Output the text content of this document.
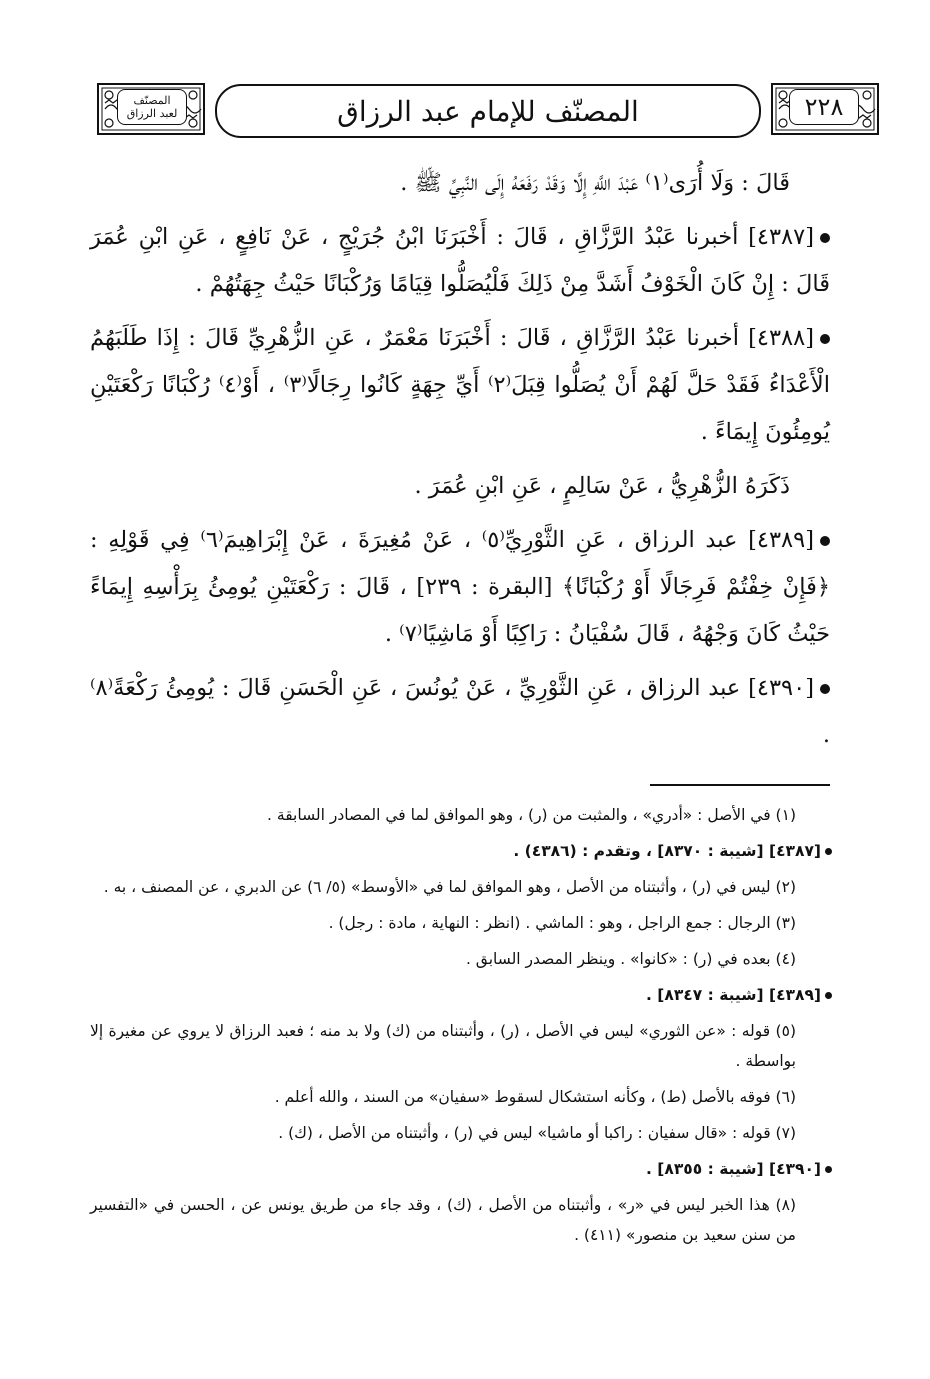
المصنّف
لعبد الرزاق	٢٢٨
المصنّف للإمام عبد الرزاق

قَالَ : وَلَا أُرَى⁽١⁾ عَبْدَ اللَّهِ إِلَّا وَقَدْ رَفَعَهُ إِلَى النَّبِيِّ ﷺ .

[٤٣٨٧] أخبرنا عَبْدُ الرَّزَّاقِ ، قَالَ : أَخْبَرَنَا ابْنُ جُرَيْجٍ ، عَنْ نَافِعٍ ، عَنِ ابْنِ عُمَرَ قَالَ : إِنْ كَانَ الْخَوْفُ أَشَدَّ مِنْ ذَلِكَ فَلْيُصَلُّوا قِيَامًا وَرُكْبَانًا حَيْثُ جِهَتُهُمْ .

[٤٣٨٨] أخبرنا عَبْدُ الرَّزَّاقِ ، قَالَ : أَخْبَرَنَا مَعْمَرٌ ، عَنِ الزُّهْرِيِّ قَالَ : إِذَا طَلَبَهُمُ الْأَعْدَاءُ فَقَدْ حَلَّ لَهُمْ أَنْ يُصَلُّوا قِبَلَ⁽٢⁾ أَيِّ جِهَةٍ كَانُوا رِجَالًا⁽٣⁾ ، أَوْ⁽٤⁾ رُكْبَانًا رَكْعَتَيْنِ يُومِئُونَ إِيمَاءً .

ذَكَرَهُ الزُّهْرِيُّ ، عَنْ سَالِمٍ ، عَنِ ابْنِ عُمَرَ .

[٤٣٨٩] عبد الرزاق ، عَنِ الثَّوْرِيِّ⁽٥⁾ ، عَنْ مُغِيرَةَ ، عَنْ إِبْرَاهِيمَ⁽٦⁾ فِي قَوْلِهِ : ﴿فَإِنْ خِفْتُمْ فَرِجَالًا أَوْ رُكْبَانًا﴾ [البقرة : ٢٣٩] ، قَالَ : رَكْعَتَيْنِ يُومِئُ بِرَأْسِهِ إِيمَاءً حَيْثُ كَانَ وَجْهُهُ ، قَالَ سُفْيَانُ : رَاكِبًا أَوْ مَاشِيًا⁽٧⁾ .

[٤٣٩٠] عبد الرزاق ، عَنِ الثَّوْرِيِّ ، عَنْ يُونُسَ ، عَنِ الْحَسَنِ قَالَ : يُومِئُ رَكْعَةً⁽٨⁾ .

(١) في الأصل : «أدري» ، والمثبت من (ر) ، وهو الموافق لما في المصادر السابقة .

[٤٣٨٧] [شيبة : ٨٣٧٠] ، وتقدم : (٤٣٨٦) .

(٢) ليس في (ر) ، وأثبتناه من الأصل ، وهو الموافق لما في «الأوسط» (٥/ ٦) عن الدبري ، عن المصنف ، به .

(٣) الرجال : جمع الراجل ، وهو : الماشي . (انظر : النهاية ، مادة : رجل) .

(٤) بعده في (ر) : «كانوا» . وينظر المصدر السابق .

[٤٣٨٩] [شيبة : ٨٣٤٧] .

(٥) قوله : «عن الثوري» ليس في الأصل ، (ر) ، وأثبتناه من (ك) ولا بد منه ؛ فعبد الرزاق لا يروي عن مغيرة إلا بواسطة .

(٦) فوقه بالأصل (ط) ، وكأنه استشكال لسقوط «سفيان» من السند ، والله أعلم .

(٧) قوله : «قال سفيان : راكبا أو ماشيا» ليس في (ر) ، وأثبتناه من الأصل ، (ك) .

[٤٣٩٠] [شيبة : ٨٣٥٥] .

(٨) هذا الخبر ليس في «ر» ، وأثبتناه من الأصل ، (ك) ، وقد جاء من طريق يونس عن ، الحسن في «التفسير من سنن سعيد بن منصور» (٤١١) .
